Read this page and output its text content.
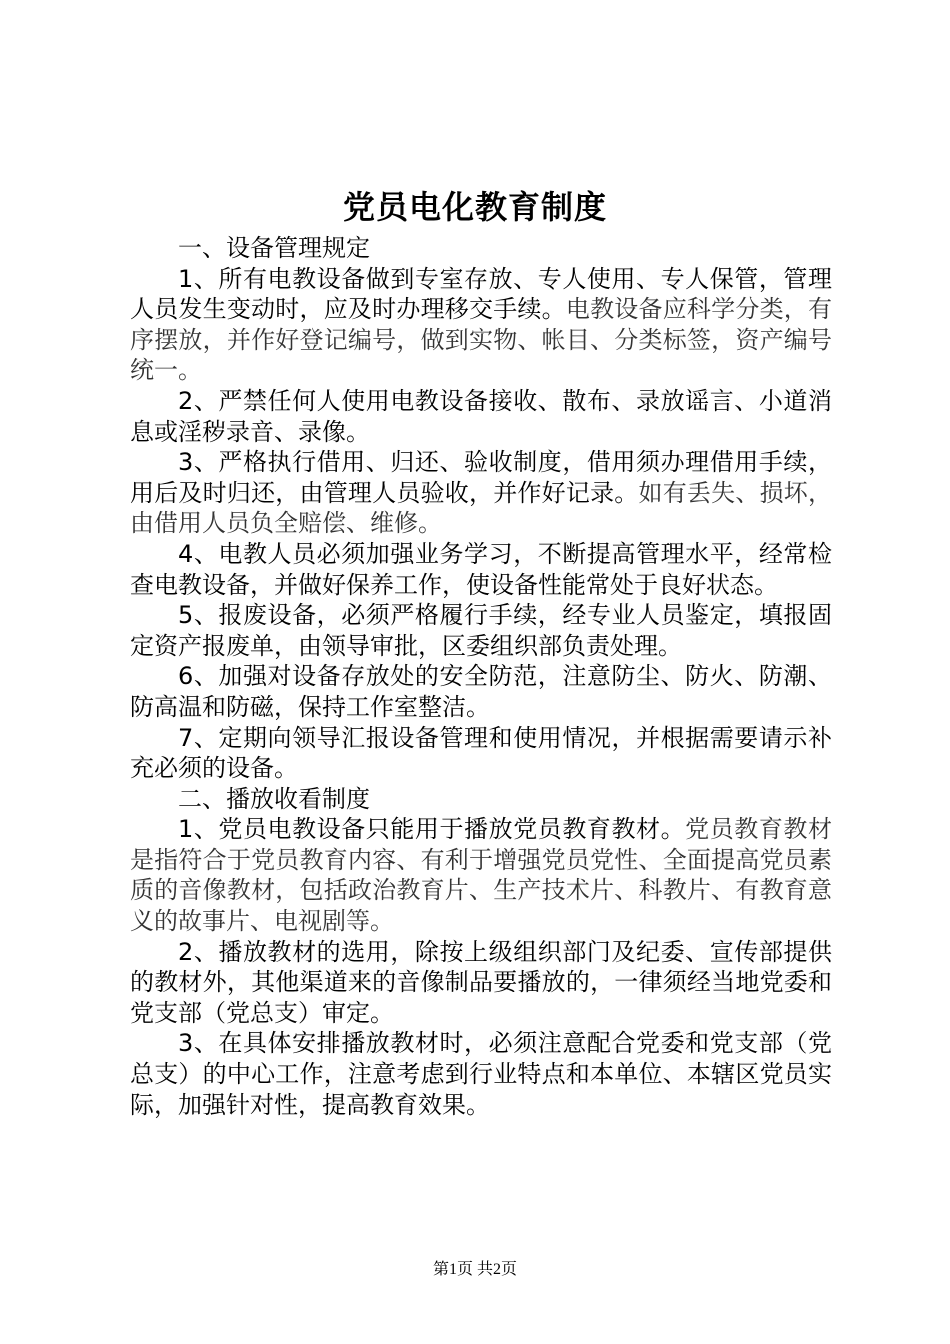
党员电化教育制度

一、设备管理规定

1、所有电教设备做到专室存放、专人使用、专人保管，管理人员发生变动时，应及时办理移交手续。电教设备应科学分类，有序摆放，并作好登记编号，做到实物、帐目、分类标签，资产编号统一。

2、严禁任何人使用电教设备接收、散布、录放谣言、小道消息或淫秽录音、录像。

3、严格执行借用、归还、验收制度，借用须办理借用手续，用后及时归还，由管理人员验收，并作好记录。如有丢失、损坏，由借用人员负全赔偿、维修。

4、电教人员必须加强业务学习，不断提高管理水平，经常检查电教设备，并做好保养工作，使设备性能常处于良好状态。

5、报废设备，必须严格履行手续，经专业人员鉴定，填报固定资产报废单，由领导审批，区委组织部负责处理。

6、加强对设备存放处的安全防范，注意防尘、防火、防潮、防高温和防磁，保持工作室整洁。

7、定期向领导汇报设备管理和使用情况，并根据需要请示补充必须的设备。

二、播放收看制度

1、党员电教设备只能用于播放党员教育教材。党员教育教材是指符合于党员教育内容、有利于增强党员党性、全面提高党员素质的音像教材，包括政治教育片、生产技术片、科教片、有教育意义的故事片、电视剧等。

2、播放教材的选用，除按上级组织部门及纪委、宣传部提供的教材外，其他渠道来的音像制品要播放的，一律须经当地党委和党支部（党总支）审定。

3、在具体安排播放教材时，必须注意配合党委和党支部（党总支）的中心工作，注意考虑到行业特点和本单位、本辖区党员实际，加强针对性，提高教育效果。

第1页 共2页
